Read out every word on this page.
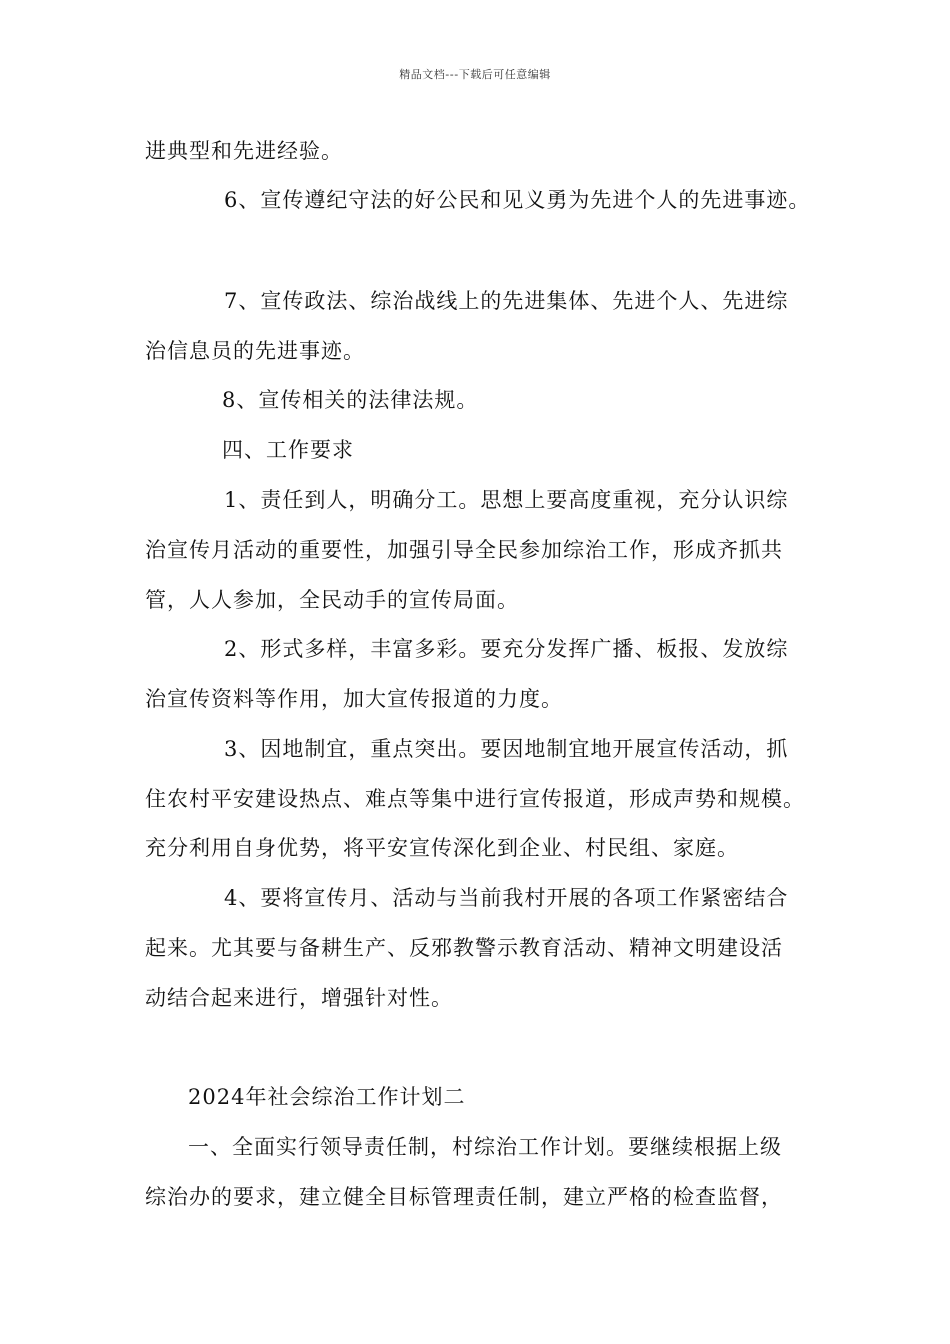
精品文档---下载后可任意编辑
进典型和先进经验。
6、宣传遵纪守法的好公民和见义勇为先进个人的先进事迹。
7、宣传政法、综治战线上的先进集体、先进个人、先进综
治信息员的先进事迹。
8、宣传相关的法律法规。
四、工作要求
1、责任到人，明确分工。思想上要高度重视，充分认识综
治宣传月活动的重要性，加强引导全民参加综治工作，形成齐抓共
管，人人参加，全民动手的宣传局面。
2、形式多样，丰富多彩。要充分发挥广播、板报、发放综
治宣传资料等作用，加大宣传报道的力度。
3、因地制宜，重点突出。要因地制宜地开展宣传活动，抓
住农村平安建设热点、难点等集中进行宣传报道，形成声势和规模。
充分利用自身优势，将平安宣传深化到企业、村民组、家庭。
4、要将宣传月、活动与当前我村开展的各项工作紧密结合
起来。尤其要与备耕生产、反邪教警示教育活动、精神文明建设活
动结合起来进行，增强针对性。
2024年社会综治工作计划二
一、全面实行领导责任制，村综治工作计划。要继续根据上级
综治办的要求，建立健全目标管理责任制，建立严格的检查监督，
